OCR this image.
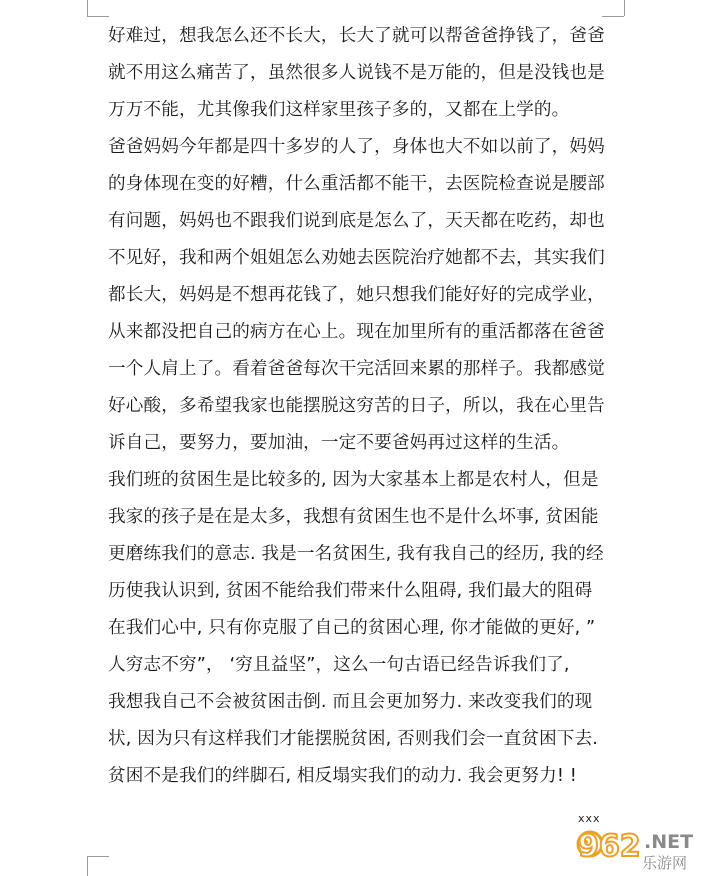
好难过，想我怎么还不长大，长大了就可以帮爸爸挣钱了，爸爸
就不用这么痛苦了，虽然很多人说钱不是万能的，但是没钱也是
万万不能，尤其像我们这样家里孩子多的，又都在上学的。
爸爸妈妈今年都是四十多岁的人了，身体也大不如以前了，妈妈
的身体现在变的好糟，什么重活都不能干，去医院检查说是腰部
有问题，妈妈也不跟我们说到底是怎么了，天天都在吃药，却也
不见好，我和两个姐姐怎么劝她去医院治疗她都不去，其实我们
都长大，妈妈是不想再花钱了，她只想我们能好好的完成学业，
从来都没把自己的病方在心上。现在加里所有的重活都落在爸爸
一个人肩上了。看着爸爸每次干完活回来累的那样子。我都感觉
好心酸，多希望我家也能摆脱这穷苦的日子，所以，我在心里告
诉自己，要努力，要加油，一定不要爸妈再过这样的生活。
我们班的贫困生是比较多的, 因为大家基本上都是农村人，但是
我家的孩子是在是太多，我想有贫困生也不是什么坏事, 贫困能
更磨练我们的意志. 我是一名贫困生, 我有我自己的经历, 我的经
历使我认识到, 贫困不能给我们带来什么阻碍, 我们最大的阻碍
在我们心中, 只有你克服了自己的贫困心理, 你才能做的更好, ”
人穷志不穷”， ‘穷且益坚”，这么一句古语已经告诉我们了,
我想我自己不会被贫困击倒. 而且会更加努力. 来改变我们的现
状, 因为只有这样我们才能摆脱贫困, 否则我们会一直贫困下去.
贫困不是我们的绊脚石, 相反塌实我们的动力. 我会更努力! !
xxx
962 .NET
乐游网
